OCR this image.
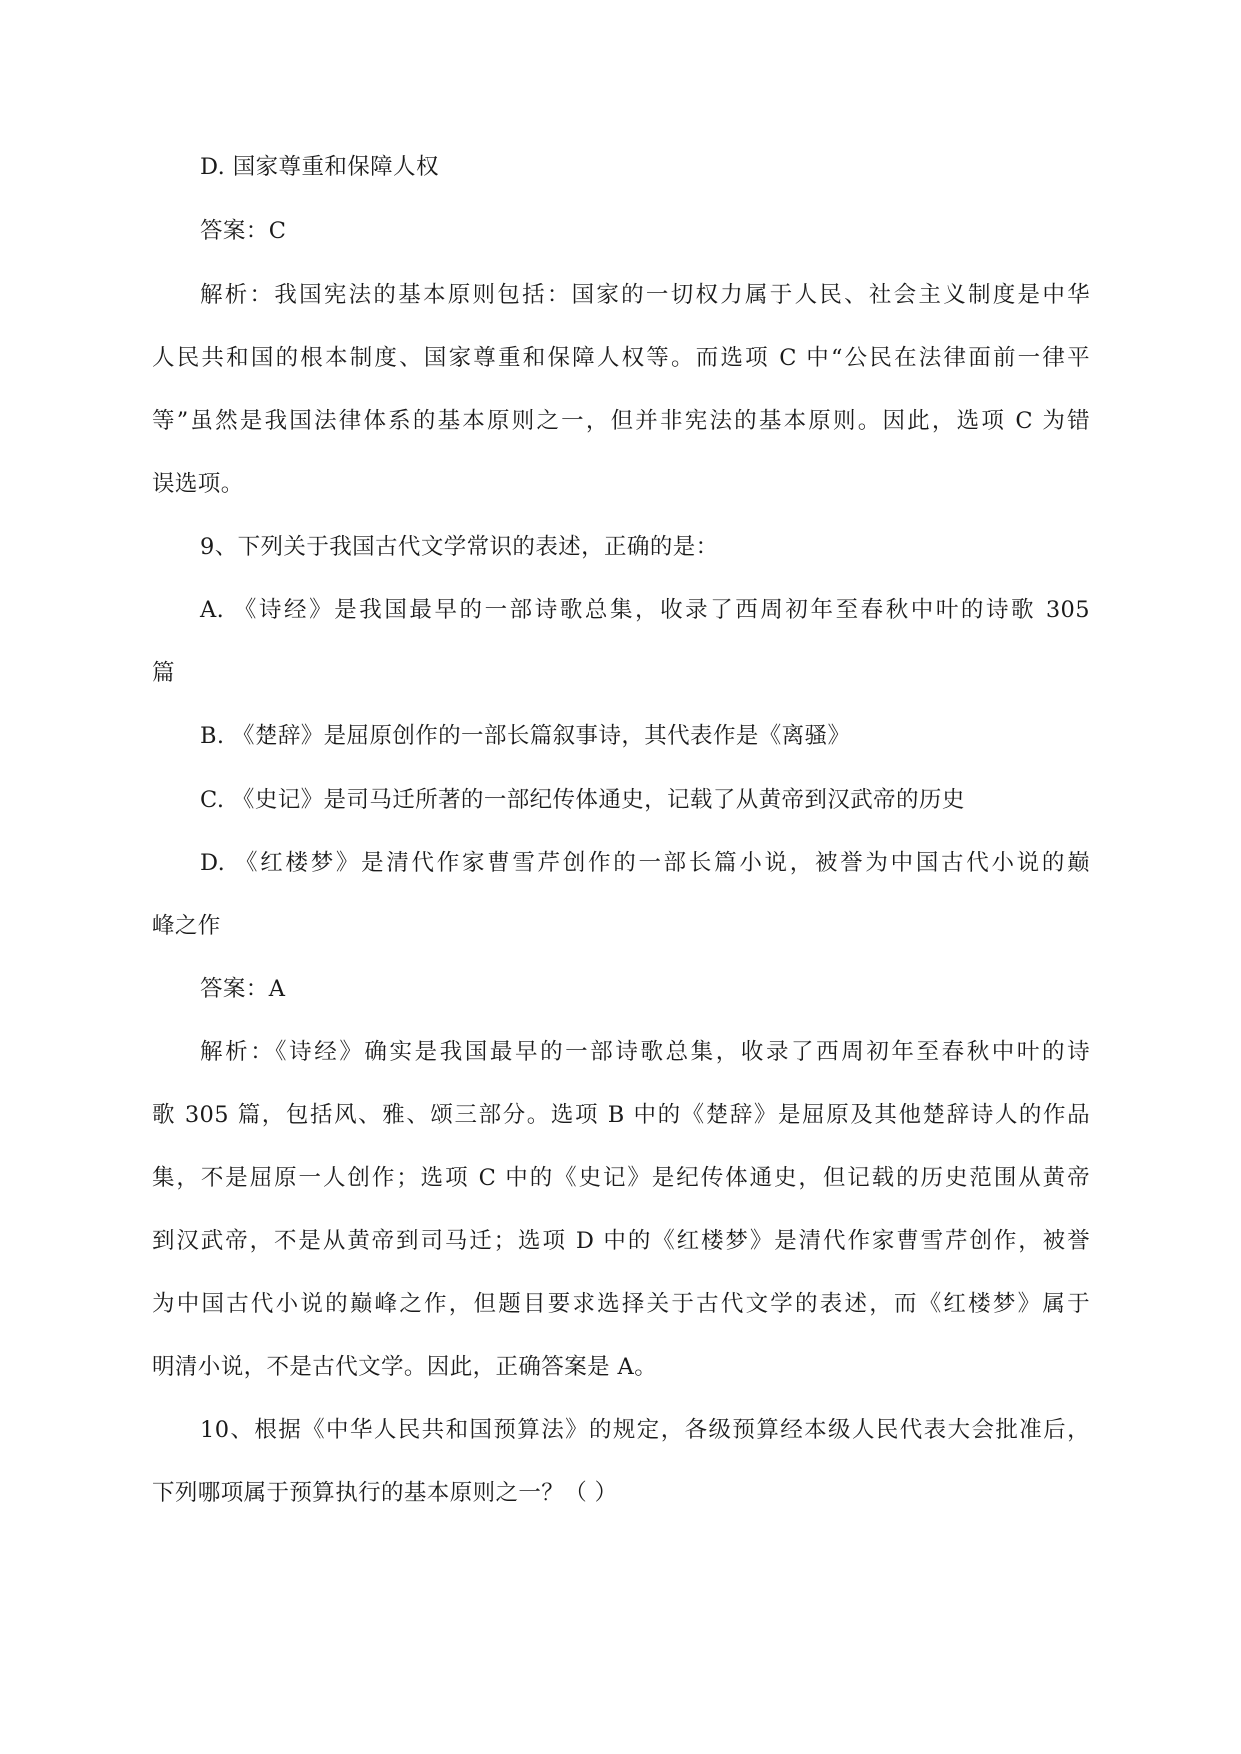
D. 国家尊重和保障人权
答案：C
解析：我国宪法的基本原则包括：国家的一切权力属于人民、社会主义制度是中华
人民共和国的根本制度、国家尊重和保障人权等。而选项 C 中“公民在法律面前一律平
等”虽然是我国法律体系的基本原则之一，但并非宪法的基本原则。因此，选项 C 为错
误选项。
9、下列关于我国古代文学常识的表述，正确的是：
A. 《诗经》是我国最早的一部诗歌总集，收录了西周初年至春秋中叶的诗歌 305
篇
B. 《楚辞》是屈原创作的一部长篇叙事诗，其代表作是《离骚》
C. 《史记》是司马迁所著的一部纪传体通史，记载了从黄帝到汉武帝的历史
D. 《红楼梦》是清代作家曹雪芹创作的一部长篇小说，被誉为中国古代小说的巅
峰之作
答案：A
解析：《诗经》确实是我国最早的一部诗歌总集，收录了西周初年至春秋中叶的诗
歌 305 篇，包括风、雅、颂三部分。选项 B 中的《楚辞》是屈原及其他楚辞诗人的作品
集，不是屈原一人创作；选项 C 中的《史记》是纪传体通史，但记载的历史范围从黄帝
到汉武帝，不是从黄帝到司马迁；选项 D 中的《红楼梦》是清代作家曹雪芹创作，被誉
为中国古代小说的巅峰之作，但题目要求选择关于古代文学的表述，而《红楼梦》属于
明清小说，不是古代文学。因此，正确答案是 A。
10、根据《中华人民共和国预算法》的规定，各级预算经本级人民代表大会批准后，
下列哪项属于预算执行的基本原则之一？（ ）
